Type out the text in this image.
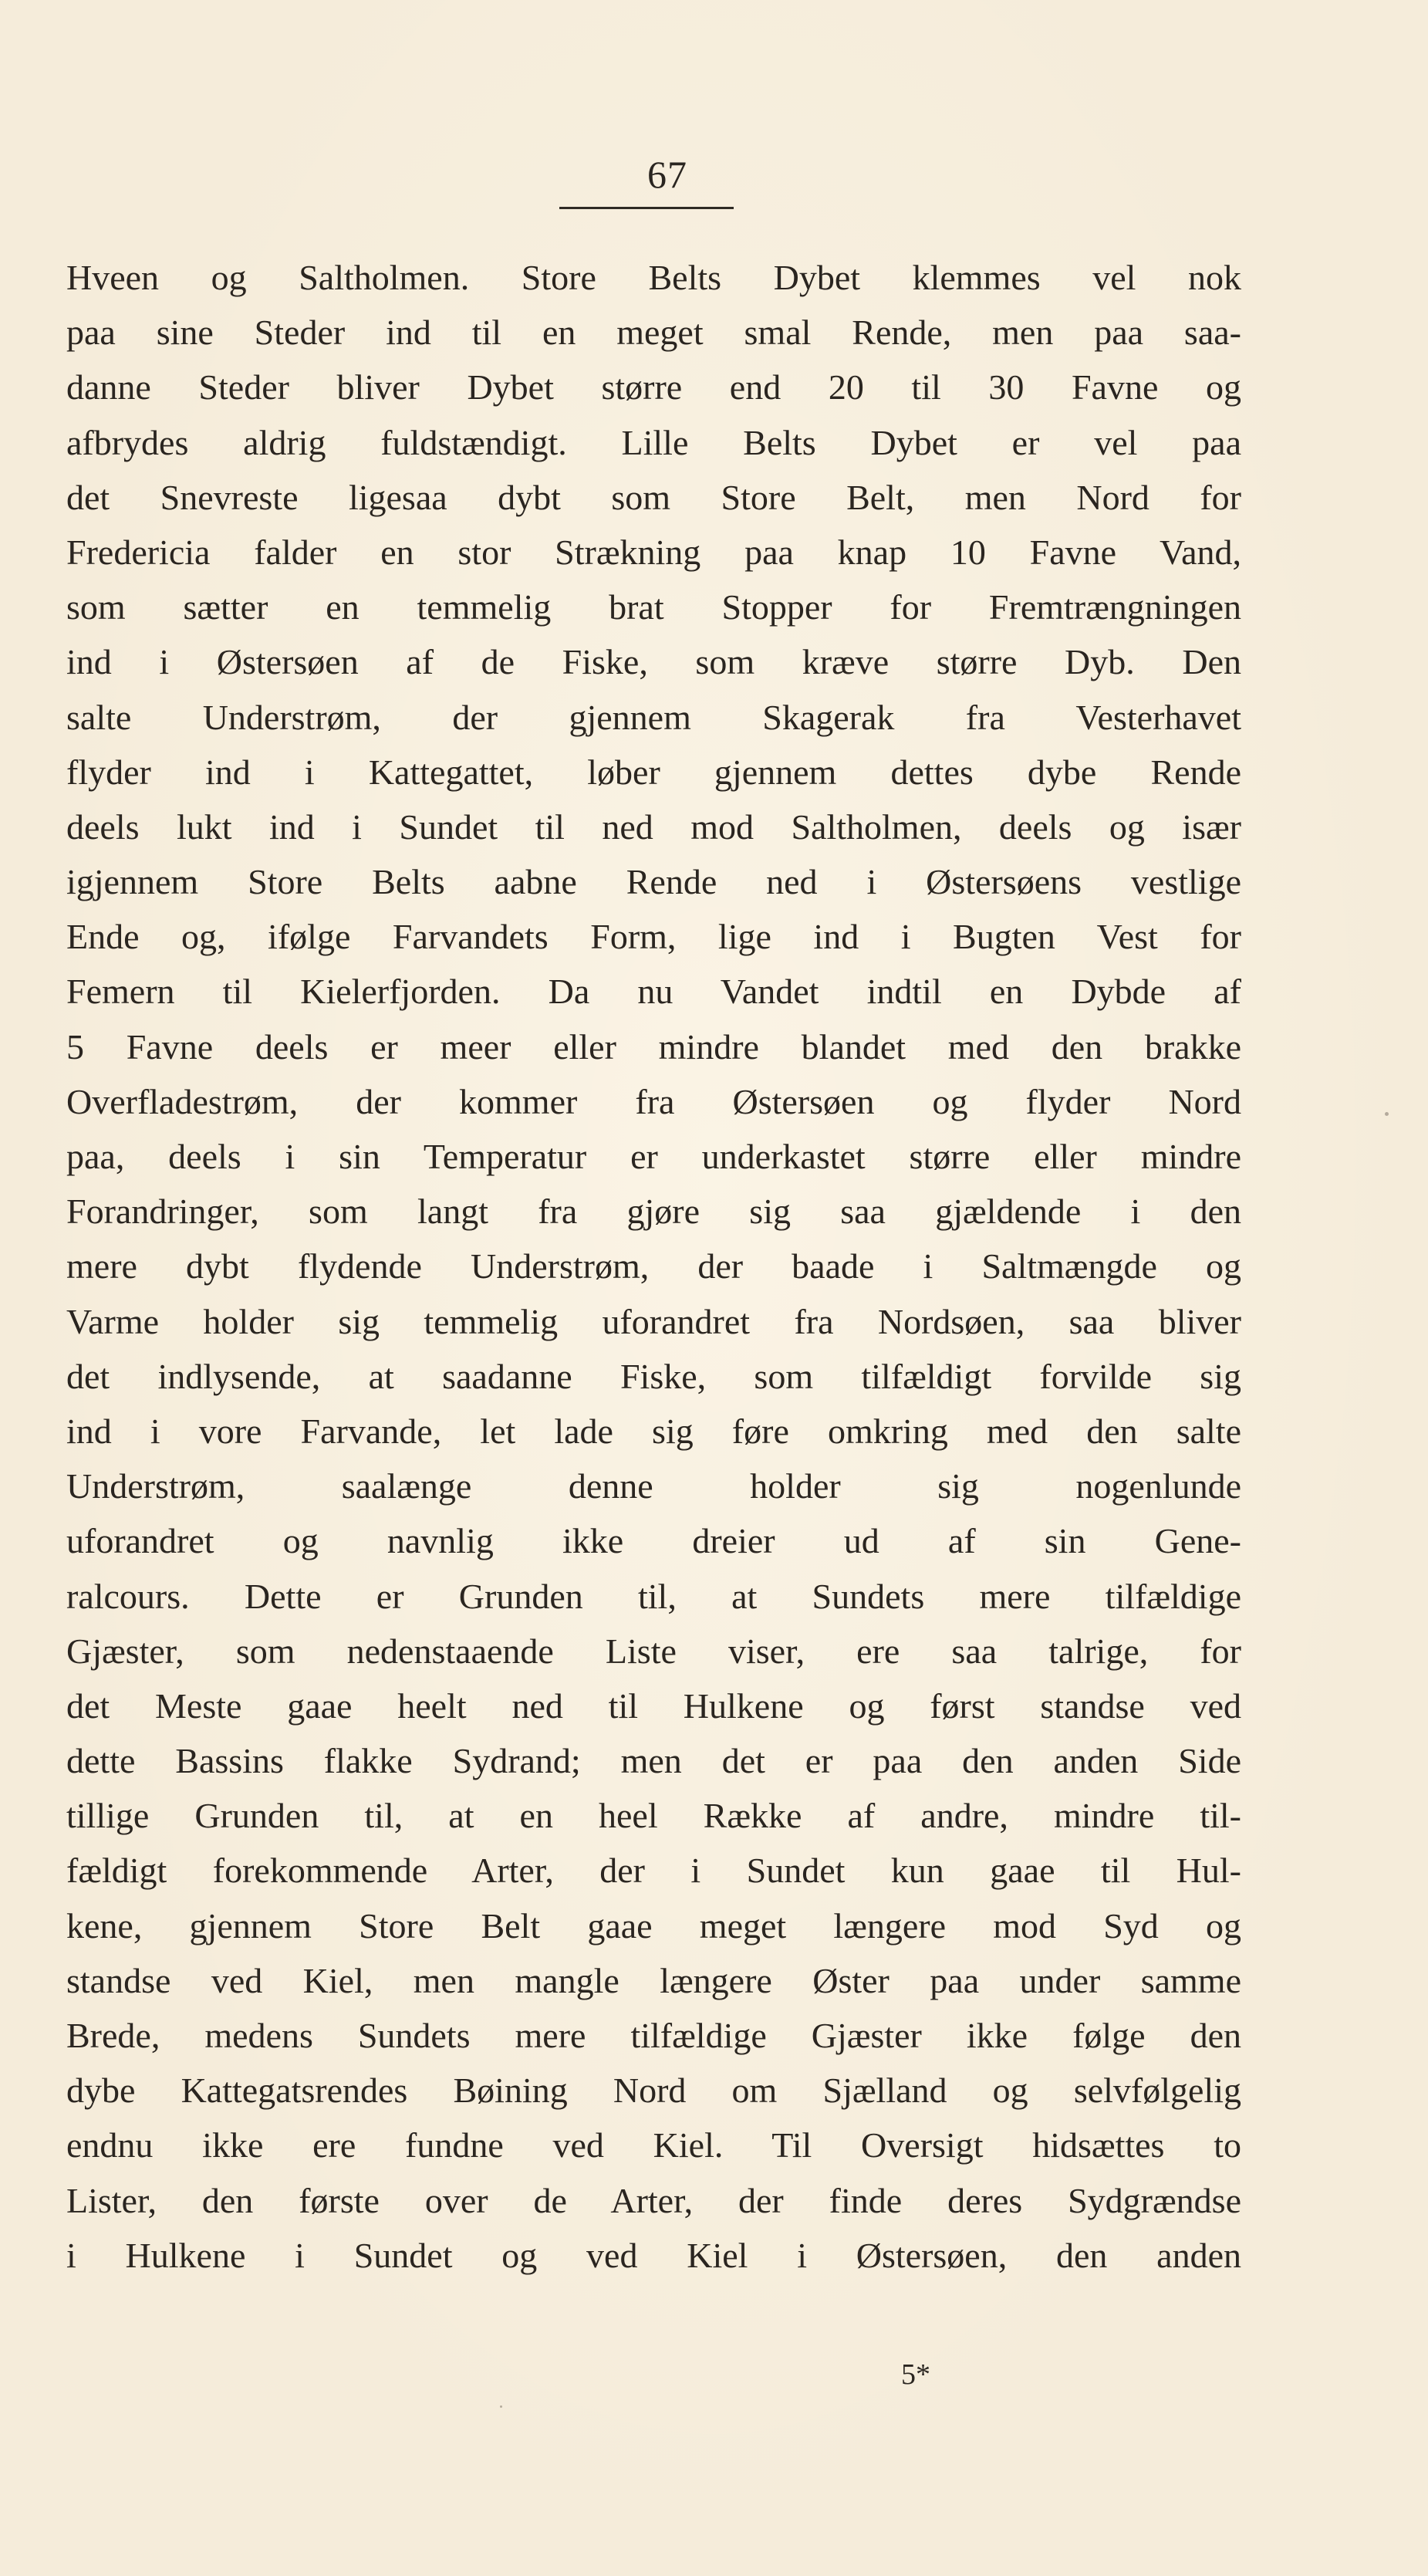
67
Hveen og Saltholmen. Store Belts Dybet klemmes vel nok
paa sine Steder ind til en meget smal Rende, men paa saa-
danne Steder bliver Dybet større end 20 til 30 Favne og
afbrydes aldrig fuldstændigt. Lille Belts Dybet er vel paa
det Snevreste ligesaa dybt som Store Belt, men Nord for
Fredericia falder en stor Strækning paa knap 10 Favne Vand,
som sætter en temmelig brat Stopper for Fremtrængningen
ind i Østersøen af de Fiske, som kræve større Dyb. Den
salte Understrøm, der gjennem Skagerak fra Vesterhavet
flyder ind i Kattegattet, løber gjennem dettes dybe Rende
deels lukt ind i Sundet til ned mod Saltholmen, deels og især
igjennem Store Belts aabne Rende ned i Østersøens vestlige
Ende og, ifølge Farvandets Form, lige ind i Bugten Vest for
Femern til Kielerfjorden. Da nu Vandet indtil en Dybde af
5 Favne deels er meer eller mindre blandet med den brakke
Overfladestrøm, der kommer fra Østersøen og flyder Nord
paa, deels i sin Temperatur er underkastet større eller mindre
Forandringer, som langt fra gjøre sig saa gjældende i den
mere dybt flydende Understrøm, der baade i Saltmængde og
Varme holder sig temmelig uforandret fra Nordsøen, saa bliver
det indlysende, at saadanne Fiske, som tilfældigt forvilde sig
ind i vore Farvande, let lade sig føre omkring med den salte
Understrøm, saalænge denne holder sig nogenlunde
uforandret og navnlig ikke dreier ud af sin Gene-
ralcours. Dette er Grunden til, at Sundets mere tilfældige
Gjæster, som nedenstaaende Liste viser, ere saa talrige, for
det Meste gaae heelt ned til Hulkene og først standse ved
dette Bassins flakke Sydrand; men det er paa den anden Side
tillige Grunden til, at en heel Række af andre, mindre til-
fældigt forekommende Arter, der i Sundet kun gaae til Hul-
kene, gjennem Store Belt gaae meget længere mod Syd og
standse ved Kiel, men mangle længere Øster paa under samme
Brede, medens Sundets mere tilfældige Gjæster ikke følge den
dybe Kattegatsrendes Bøining Nord om Sjælland og selvfølgelig
endnu ikke ere fundne ved Kiel. Til Oversigt hidsættes to
Lister, den første over de Arter, der finde deres Sydgrændse
i Hulkene i Sundet og ved Kiel i Østersøen, den anden
5*
